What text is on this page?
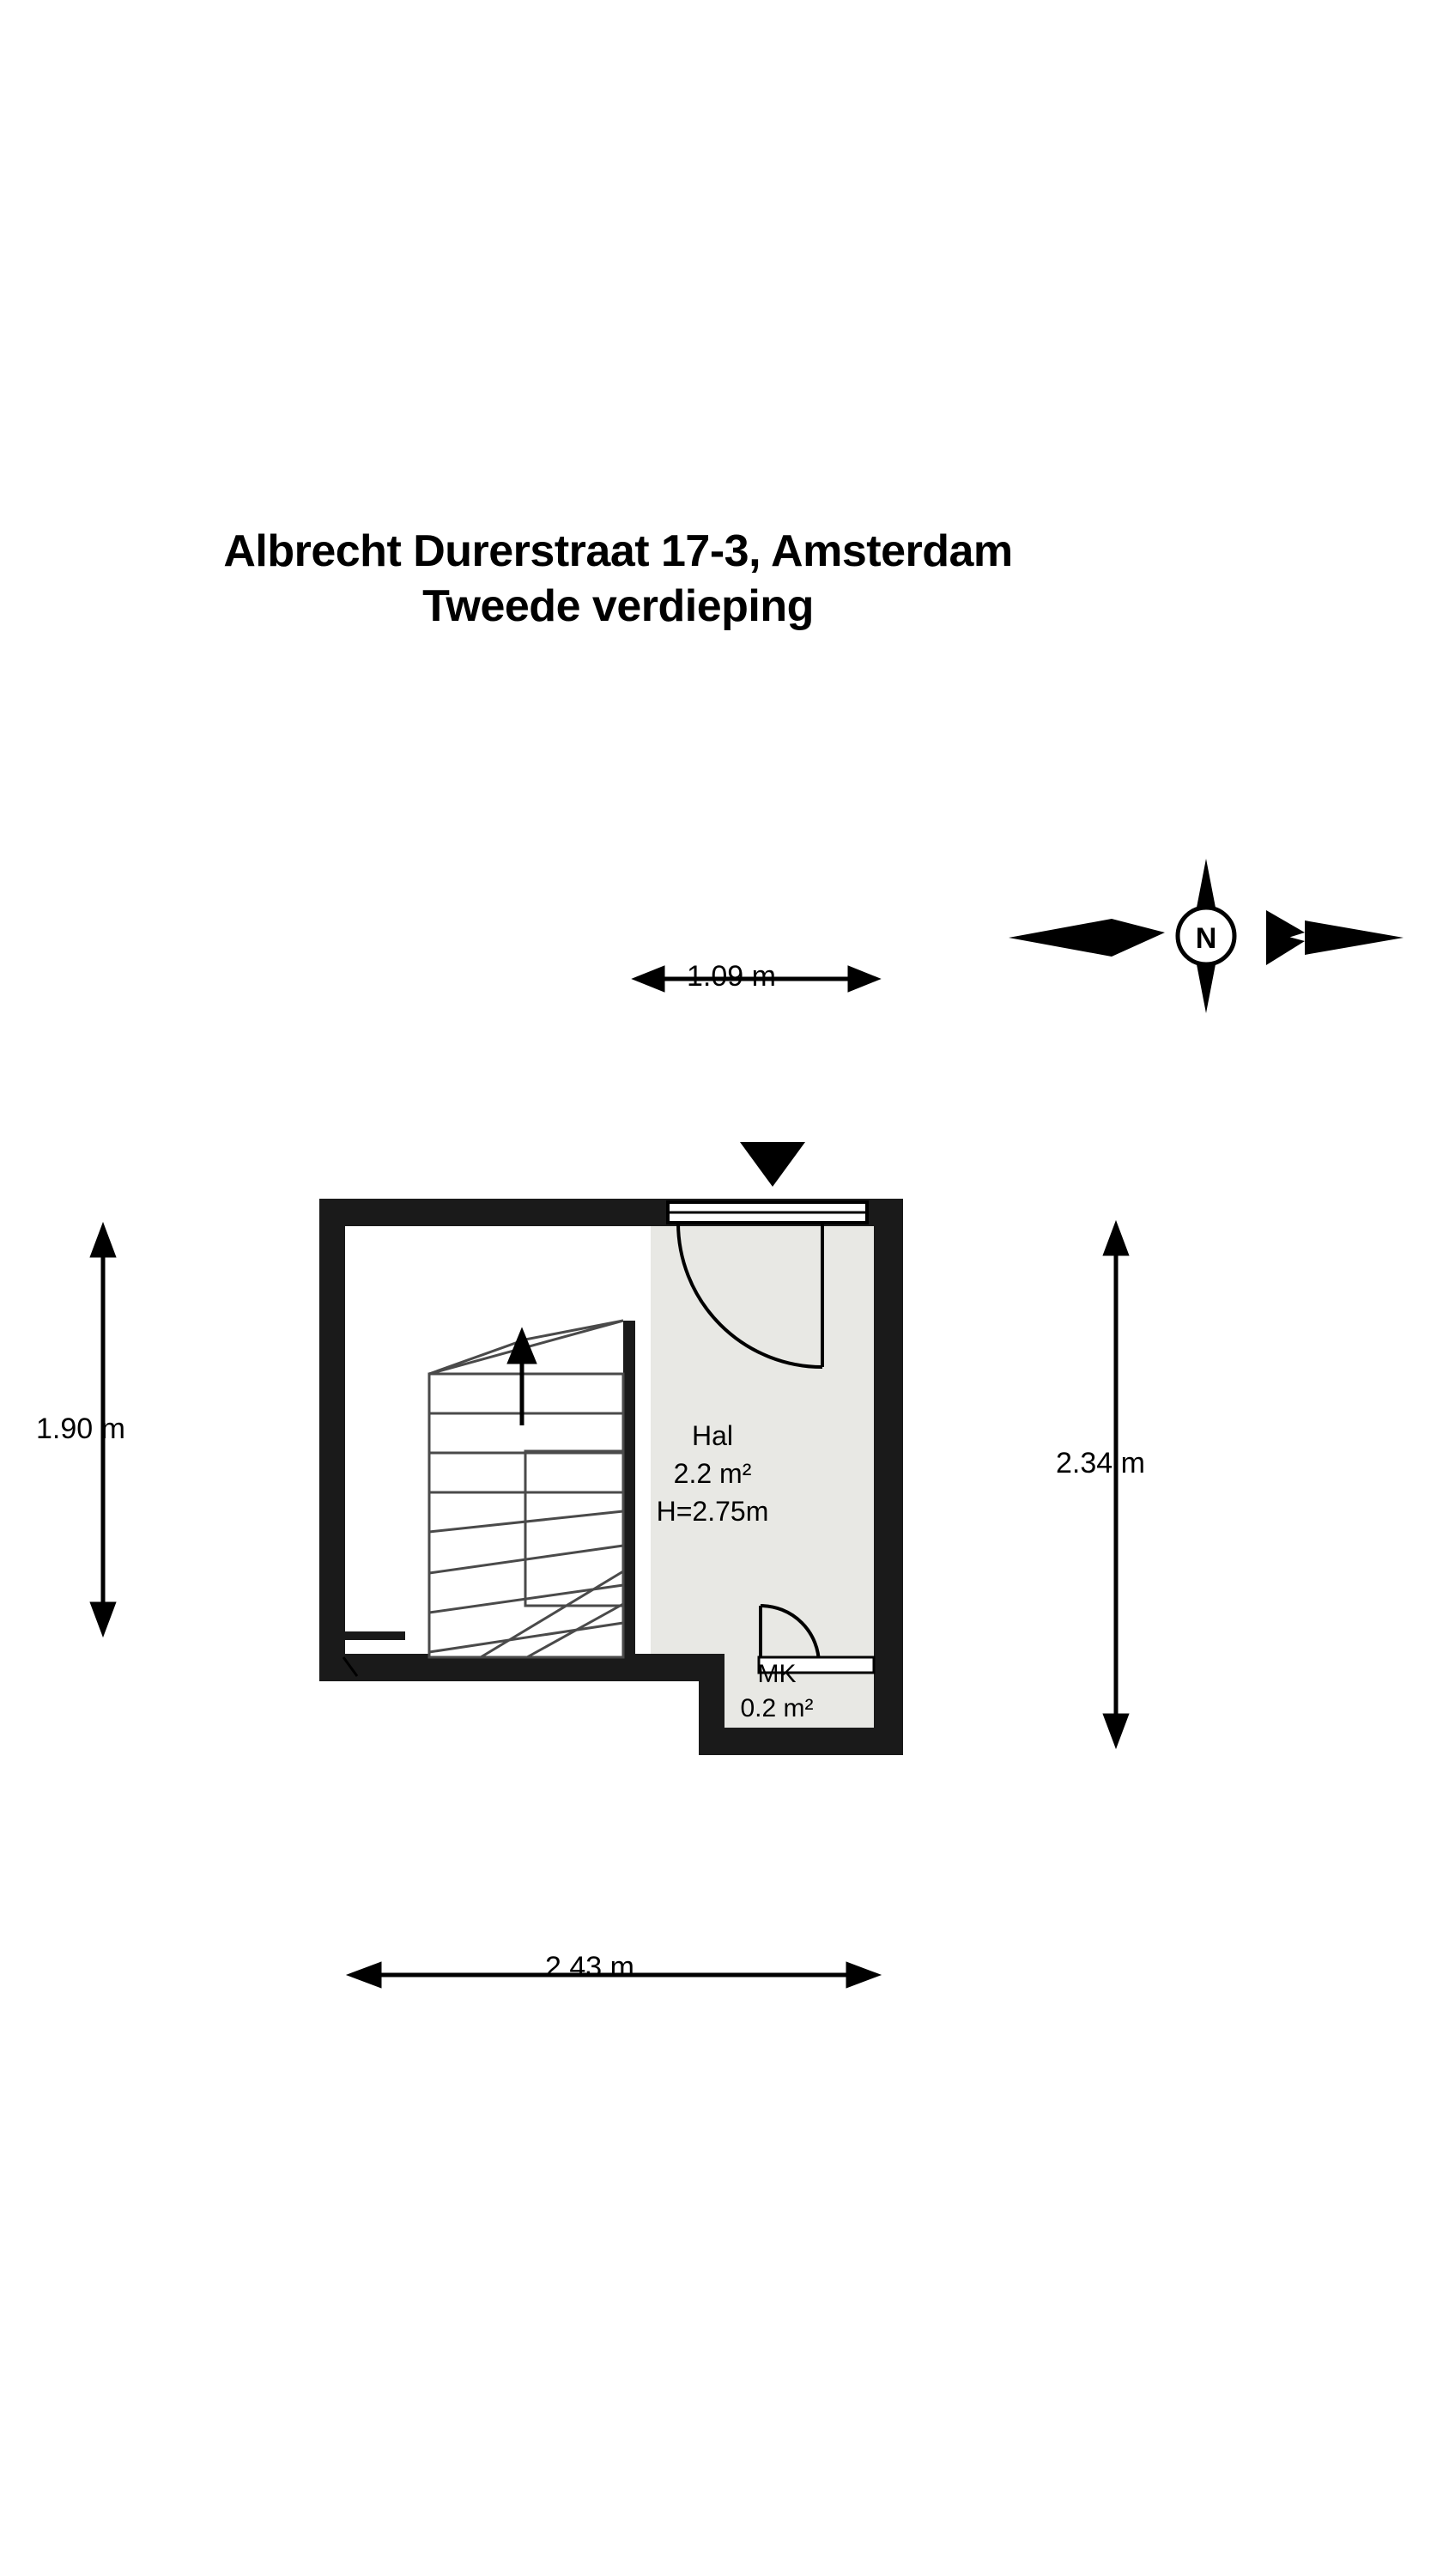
Albrecht Durerstraat 17-3, Amsterdam
Tweede verdieping
N
1.09 m
1.90 m
2.34 m
2.43 m
Hal
2.2 m²
H=2.75m
MK
0.2 m²
